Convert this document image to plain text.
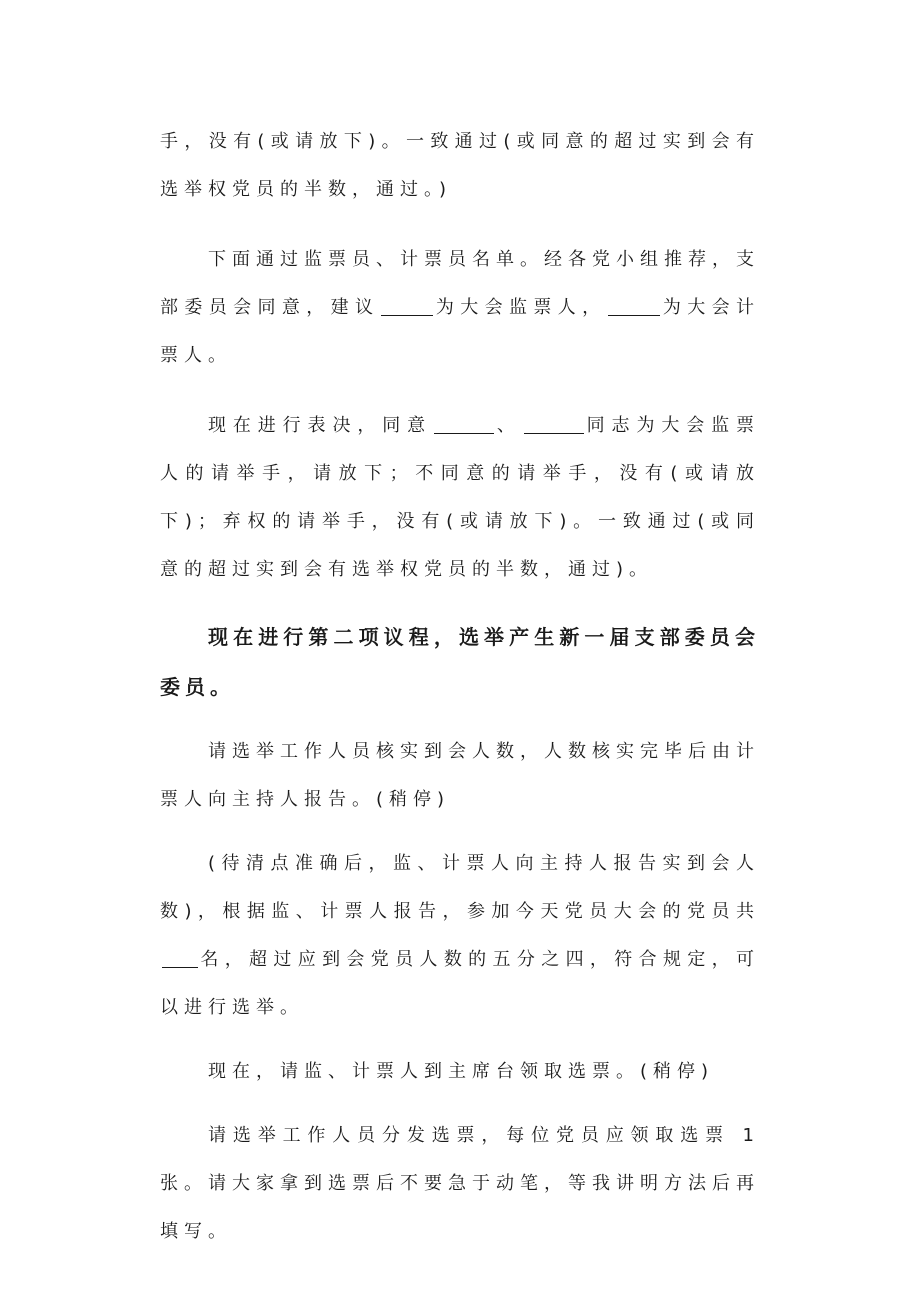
手，没有(或请放下)。一致通过(或同意的超过实到会有选举权党员的半数，通过。)

下面通过监票员、计票员名单。经各党小组推荐，支部委员会同意，建议	为大会监票人，	为大会计票人。

现在进行表决，同意	、	同志为大会监票人的请举手，请放下；不同意的请举手，没有(或请放下)；弃权的请举手，没有(或请放下)。一致通过(或同意的超过实到会有选举权党员的半数，通过)。

现在进行第二项议程，选举产生新一届支部委员会委员。

请选举工作人员核实到会人数，人数核实完毕后由计票人向主持人报告。(稍停)

(待清点准确后，监、计票人向主持人报告实到会人数)，根据监、计票人报告，参加今天党员大会的党员共名，超过应到会党员人数的五分之四，符合规定，可以进行选举。

现在，请监、计票人到主席台领取选票。(稍停)

请选举工作人员分发选票，每位党员应领取选票 1 张。请大家拿到选票后不要急于动笔，等我讲明方法后再填写。
